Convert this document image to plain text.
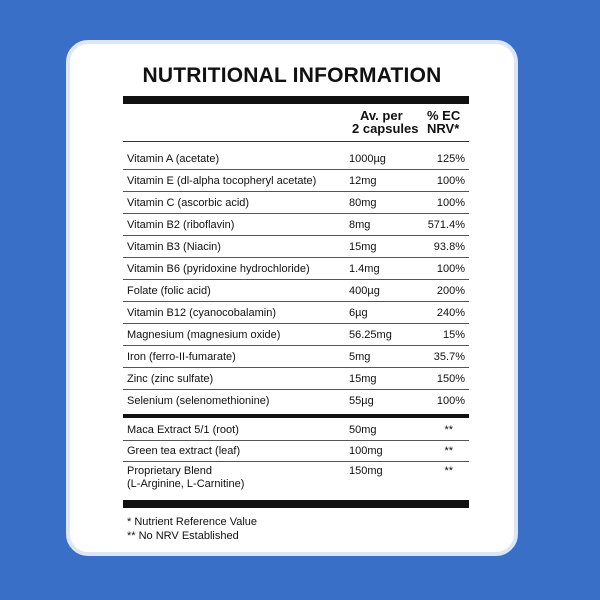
NUTRITIONAL INFORMATION
Av. per
2 capsules
% EC
NRV*
Vitamin A (acetate)	1000µg	125%
Vitamin E (dl-alpha tocopheryl acetate)	12mg	100%
Vitamin C (ascorbic acid)	80mg	100%
Vitamin B2 (riboflavin)	8mg	571.4%
Vitamin B3 (Niacin)	15mg	93.8%
Vitamin B6 (pyridoxine hydrochloride)	1.4mg	100%
Folate (folic acid)	400µg	200%
Vitamin B12 (cyanocobalamin)	6µg	240%
Magnesium (magnesium oxide)	56.25mg	15%
Iron (ferro-II-fumarate)	5mg	35.7%
Zinc (zinc sulfate)	15mg	150%
Selenium (selenomethionine)	55µg	100%
Maca Extract 5/1 (root)	50mg	**
Green tea extract (leaf)	100mg	**
Proprietary Blend
(L-Arginine, L-Carnitine)
150mg	**
* Nutrient Reference Value
** No NRV Established
